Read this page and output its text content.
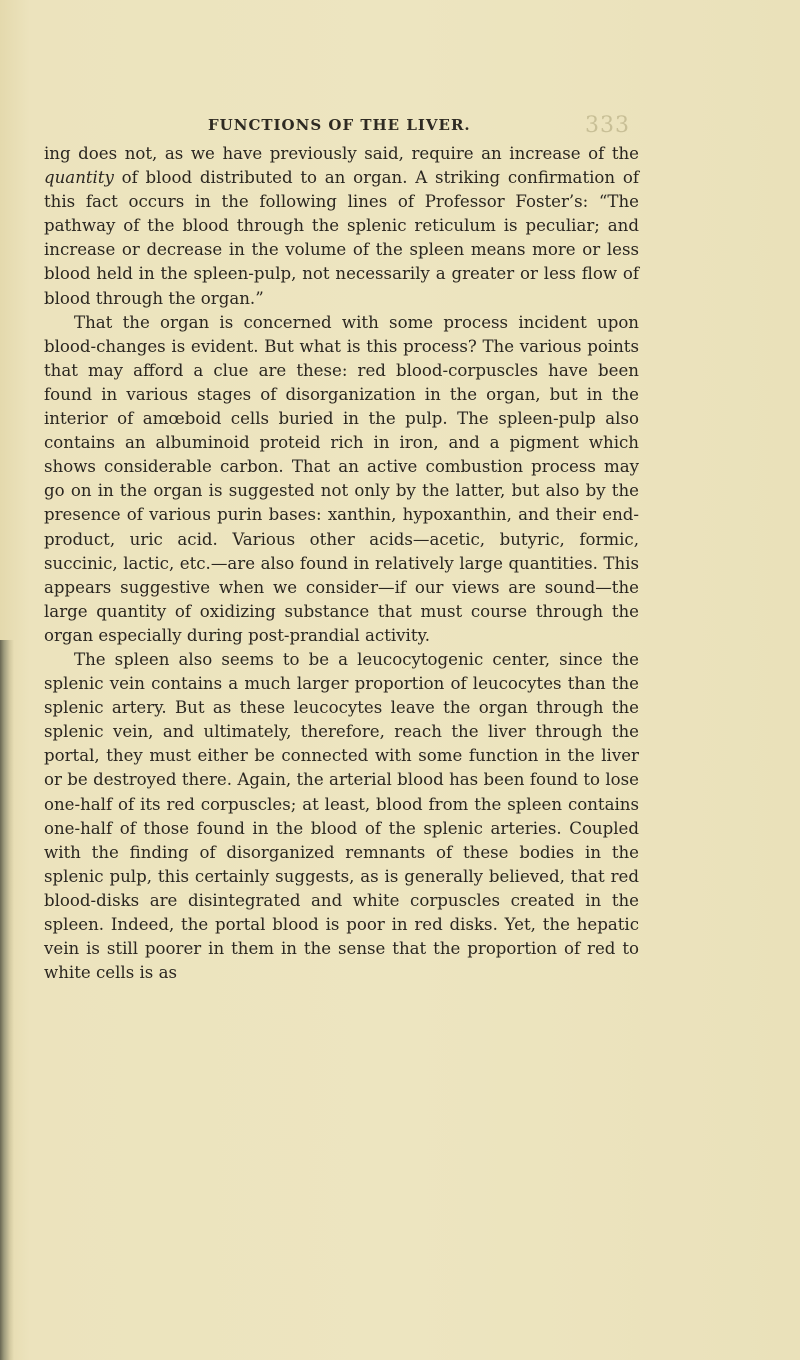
FUNCTIONS OF THE LIVER.	333

ing does not, as we have previously said, require an increase of the quantity of blood distributed to an organ. A striking confirmation of this fact occurs in the following lines of Professor Foster’s: “The pathway of the blood through the splenic reticulum is peculiar; and increase or decrease in the volume of the spleen means more or less blood held in the spleen-pulp, not necessarily a greater or less flow of blood through the organ.”

That the organ is concerned with some process incident upon blood-changes is evident. But what is this process? The various points that may afford a clue are these: red blood-corpuscles have been found in various stages of disorganization in the organ, but in the interior of amœboid cells buried in the pulp. The spleen-pulp also contains an albuminoid proteid rich in iron, and a pigment which shows considerable carbon. That an active combustion process may go on in the organ is suggested not only by the latter, but also by the presence of various purin bases: xanthin, hypoxanthin, and their end-product, uric acid. Various other acids—acetic, butyric, formic, succinic, lactic, etc.—are also found in relatively large quantities. This appears suggestive when we consider—if our views are sound—the large quantity of oxidizing substance that must course through the organ especially during post-prandial activity.

The spleen also seems to be a leucocytogenic center, since the splenic vein contains a much larger proportion of leucocytes than the splenic artery. But as these leucocytes leave the organ through the splenic vein, and ultimately, therefore, reach the liver through the portal, they must either be connected with some function in the liver or be destroyed there. Again, the arterial blood has been found to lose one-half of its red corpuscles; at least, blood from the spleen contains one-half of those found in the blood of the splenic arteries. Coupled with the finding of disorganized remnants of these bodies in the splenic pulp, this certainly suggests, as is generally believed, that red blood-disks are disintegrated and white corpuscles created in the spleen. Indeed, the portal blood is poor in red disks. Yet, the hepatic vein is still poorer in them in the sense that the proportion of red to white cells is as
